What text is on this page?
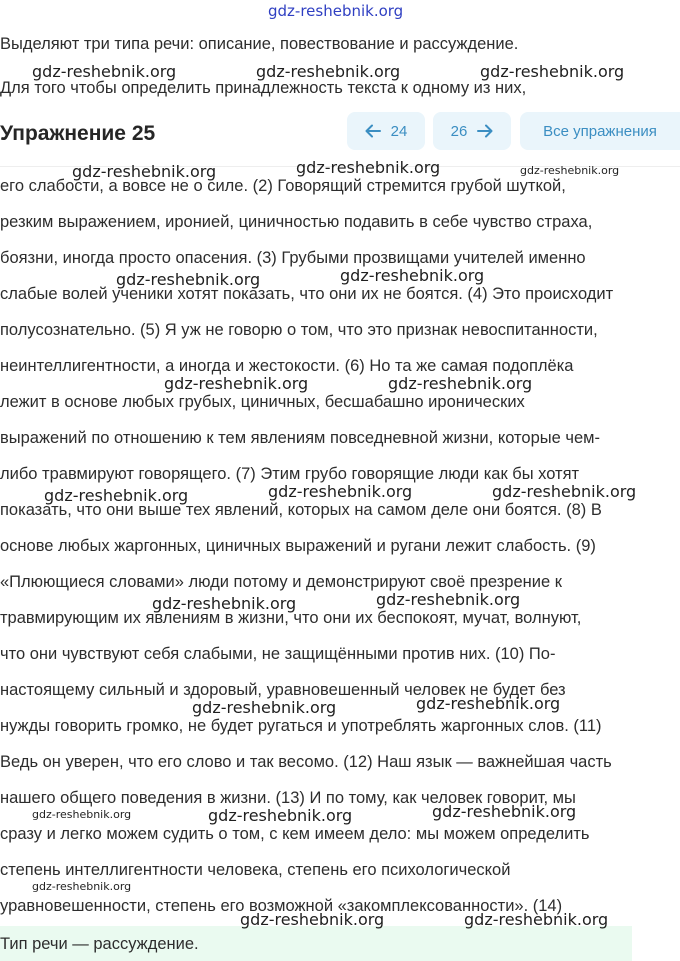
gdz-reshebnik.org
Выделяют три типа речи: описание, повествование и рассуждение.
Для того чтобы определить принадлежность текста к одному из них,
gdz-reshebnik.org	gdz-reshebnik.org	gdz-reshebnik.org
Упражнение 25	24	26	Все упражнения
его слабости, а вовсе не о силе. (2) Говорящий стремится грубой шуткой,
резким выражением, иронией, циничностью подавить в себе чувство страха,
боязни, иногда просто опасения. (3) Грубыми прозвищами учителей именно
слабые волей ученики хотят показать, что они их не боятся. (4) Это происходит
полусознательно. (5) Я уж не говорю о том, что это признак невоспитанности,
неинтеллигентности, а иногда и жестокости. (6) Но та же самая подоплёка
лежит в основе любых грубых, циничных, бесшабашно иронических
выражений по отношению к тем явлениям повседневной жизни, которые чем-
либо травмируют говорящего. (7) Этим грубо говорящие люди как бы хотят
показать, что они выше тех явлений, которых на самом деле они боятся. (8) В
основе любых жаргонных, циничных выражений и ругани лежит слабость. (9)
«Плюющиеся словами» люди потому и демонстрируют своё презрение к
травмирующим их явлениям в жизни, что они их беспокоят, мучат, волнуют,
что они чувствуют себя слабыми, не защищёнными против них. (10) По-
настоящему сильный и здоровый, уравновешенный человек не будет без
нужды говорить громко, не будет ругаться и употреблять жаргонных слов. (11)
Ведь он уверен, что его слово и так весомо. (12) Наш язык — важнейшая часть
нашего общего поведения в жизни. (13) И по тому, как человек говорит, мы
сразу и легко можем судить о том, с кем имеем дело: мы можем определить
степень интеллигентности человека, степень его психологической
уравновешенности, степень его возможной «закомплексованности». (14)
Тип речи — рассуждение.
gdz-reshebnik.org	gdz-reshebnik.org	gdz-reshebnik.org
gdz-reshebnik.org	gdz-reshebnik.org
gdz-reshebnik.org	gdz-reshebnik.org
gdz-reshebnik.org	gdz-reshebnik.org	gdz-reshebnik.org
gdz-reshebnik.org	gdz-reshebnik.org
gdz-reshebnik.org	gdz-reshebnik.org
gdz-reshebnik.org	gdz-reshebnik.org	gdz-reshebnik.org
gdz-reshebnik.org
gdz-reshebnik.org	gdz-reshebnik.org
